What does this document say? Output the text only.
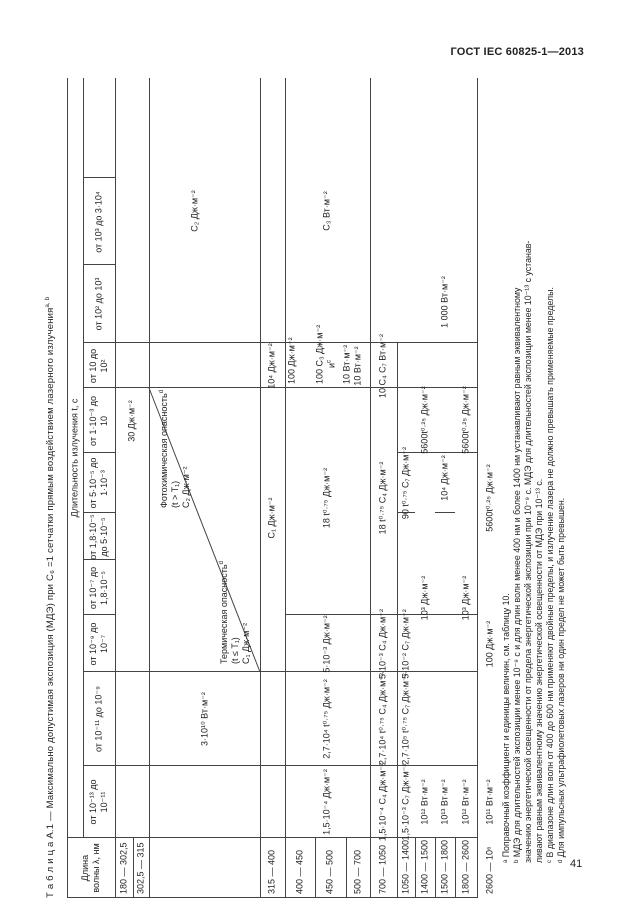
ГОСТ IEC 60825-1—2013
Т а б л и ц а A.1 — Максимально допустимая экспозиция (МДЭ) при C₆ =1 сетчатки прямым воздействием лазерного излучения$^{a, b}$
Длина волны λ, нм
Длительность излучения t, с
от 10⁻¹³ до 10⁻¹¹
от 10⁻¹¹ до 10⁻⁹
от 10⁻⁹ до 10⁻⁷
от 10⁻⁷ до 1,8·10⁻⁵
от 1,8·10⁻⁵ до 5·10⁻⁵
от 5·10⁻⁵ до 1·10⁻³
от 1·10⁻³ до 10
от 10 до 10²
от 10² до 10³
от 10³ до 3·10⁴
180 — 302,5 302,5 — 315	315 — 400 400 — 450 450 — 500 500 — 700 700 — 1050 1050 — 1400 1400 — 1500 1500 — 1800 1800 — 2600 2600 — 10⁶
3·10¹⁰ Вт·м⁻²
30 Дж·м⁻²
C₂ Дж·м⁻²
Фотохимическая опасность$^d$
(t > T₁) C₂ Дж·м⁻²
Термическая опасность$^d$
(t ≤ T₁) C₁ Дж·м⁻²
C₁ Дж·м⁻²
10⁴ Дж·м⁻²
C₃ Вт·м⁻²
1,5·10⁻⁴ Дж·м⁻²
2,7·10⁴ t⁰·⁷⁵ Дж·м⁻²
5·10⁻³ Дж·м⁻²
18 t⁰·⁷⁵ Дж·м⁻²
100 Дж·м⁻² 100 C₃ Дж·м⁻² $и^c$	10 Вт·м⁻² 10 Вт·м⁻²
1,5·10⁻⁴ C₄ Дж·м⁻²
2,7·10⁴ t⁰·⁷⁵ C₄ Дж·м⁻²
5·10⁻³ C₄ Дж·м⁻²
18 t⁰·⁷⁵ C₄ Дж·м⁻²
10 C₄ C₇ Вт·м⁻²
1,5·10⁻³ C₇ Дж·м⁻²
2,7·10⁵ t⁰·⁷⁵ C₇ Дж·м⁻²
5·10⁻² C₇ Дж·м⁻²
90 t⁰·⁷⁵ C₇ Дж·м⁻²
10¹² Вт·м⁻²
10³ Дж·м⁻²
5600t⁰·²⁵ Дж·м⁻²
1 000 Вт·м⁻²
10¹³ Вт·м⁻²
10⁴ Дж·м⁻²
10¹² Вт·м⁻²
10³ Дж·м⁻²
5600t⁰·²⁵ Дж·м⁻²
10¹¹ Вт·м⁻²
100 Дж·м⁻²
5600t⁰·²⁵ Дж·м⁻²
ᵃ Поправочный коэффициент и единицы величин, см. таблицу 10. ᵇ МДЭ для длительностей экспозиции менее 10⁻⁹ с и для длин волн менее 400 нм и более 1400 нм устанавливают равным эквивалентному значению энергетической освещенности от предела энергетической экспозиции при 10⁻⁹ с. МДЭ для длительностей экспозиции менее 10⁻¹³ с устанав- ливают равным эквивалентному значению энергетической освещенности от МДЭ при 10⁻¹³ с. ᶜ В диапазоне длин волн от 400 до 600 нм применяют двойные пределы, и излучение лазера не должно превышать применяемые пределы. ᵈ Для импульсных ультрафиолетовых лазеров ни один предел не может быть превышен.
41
